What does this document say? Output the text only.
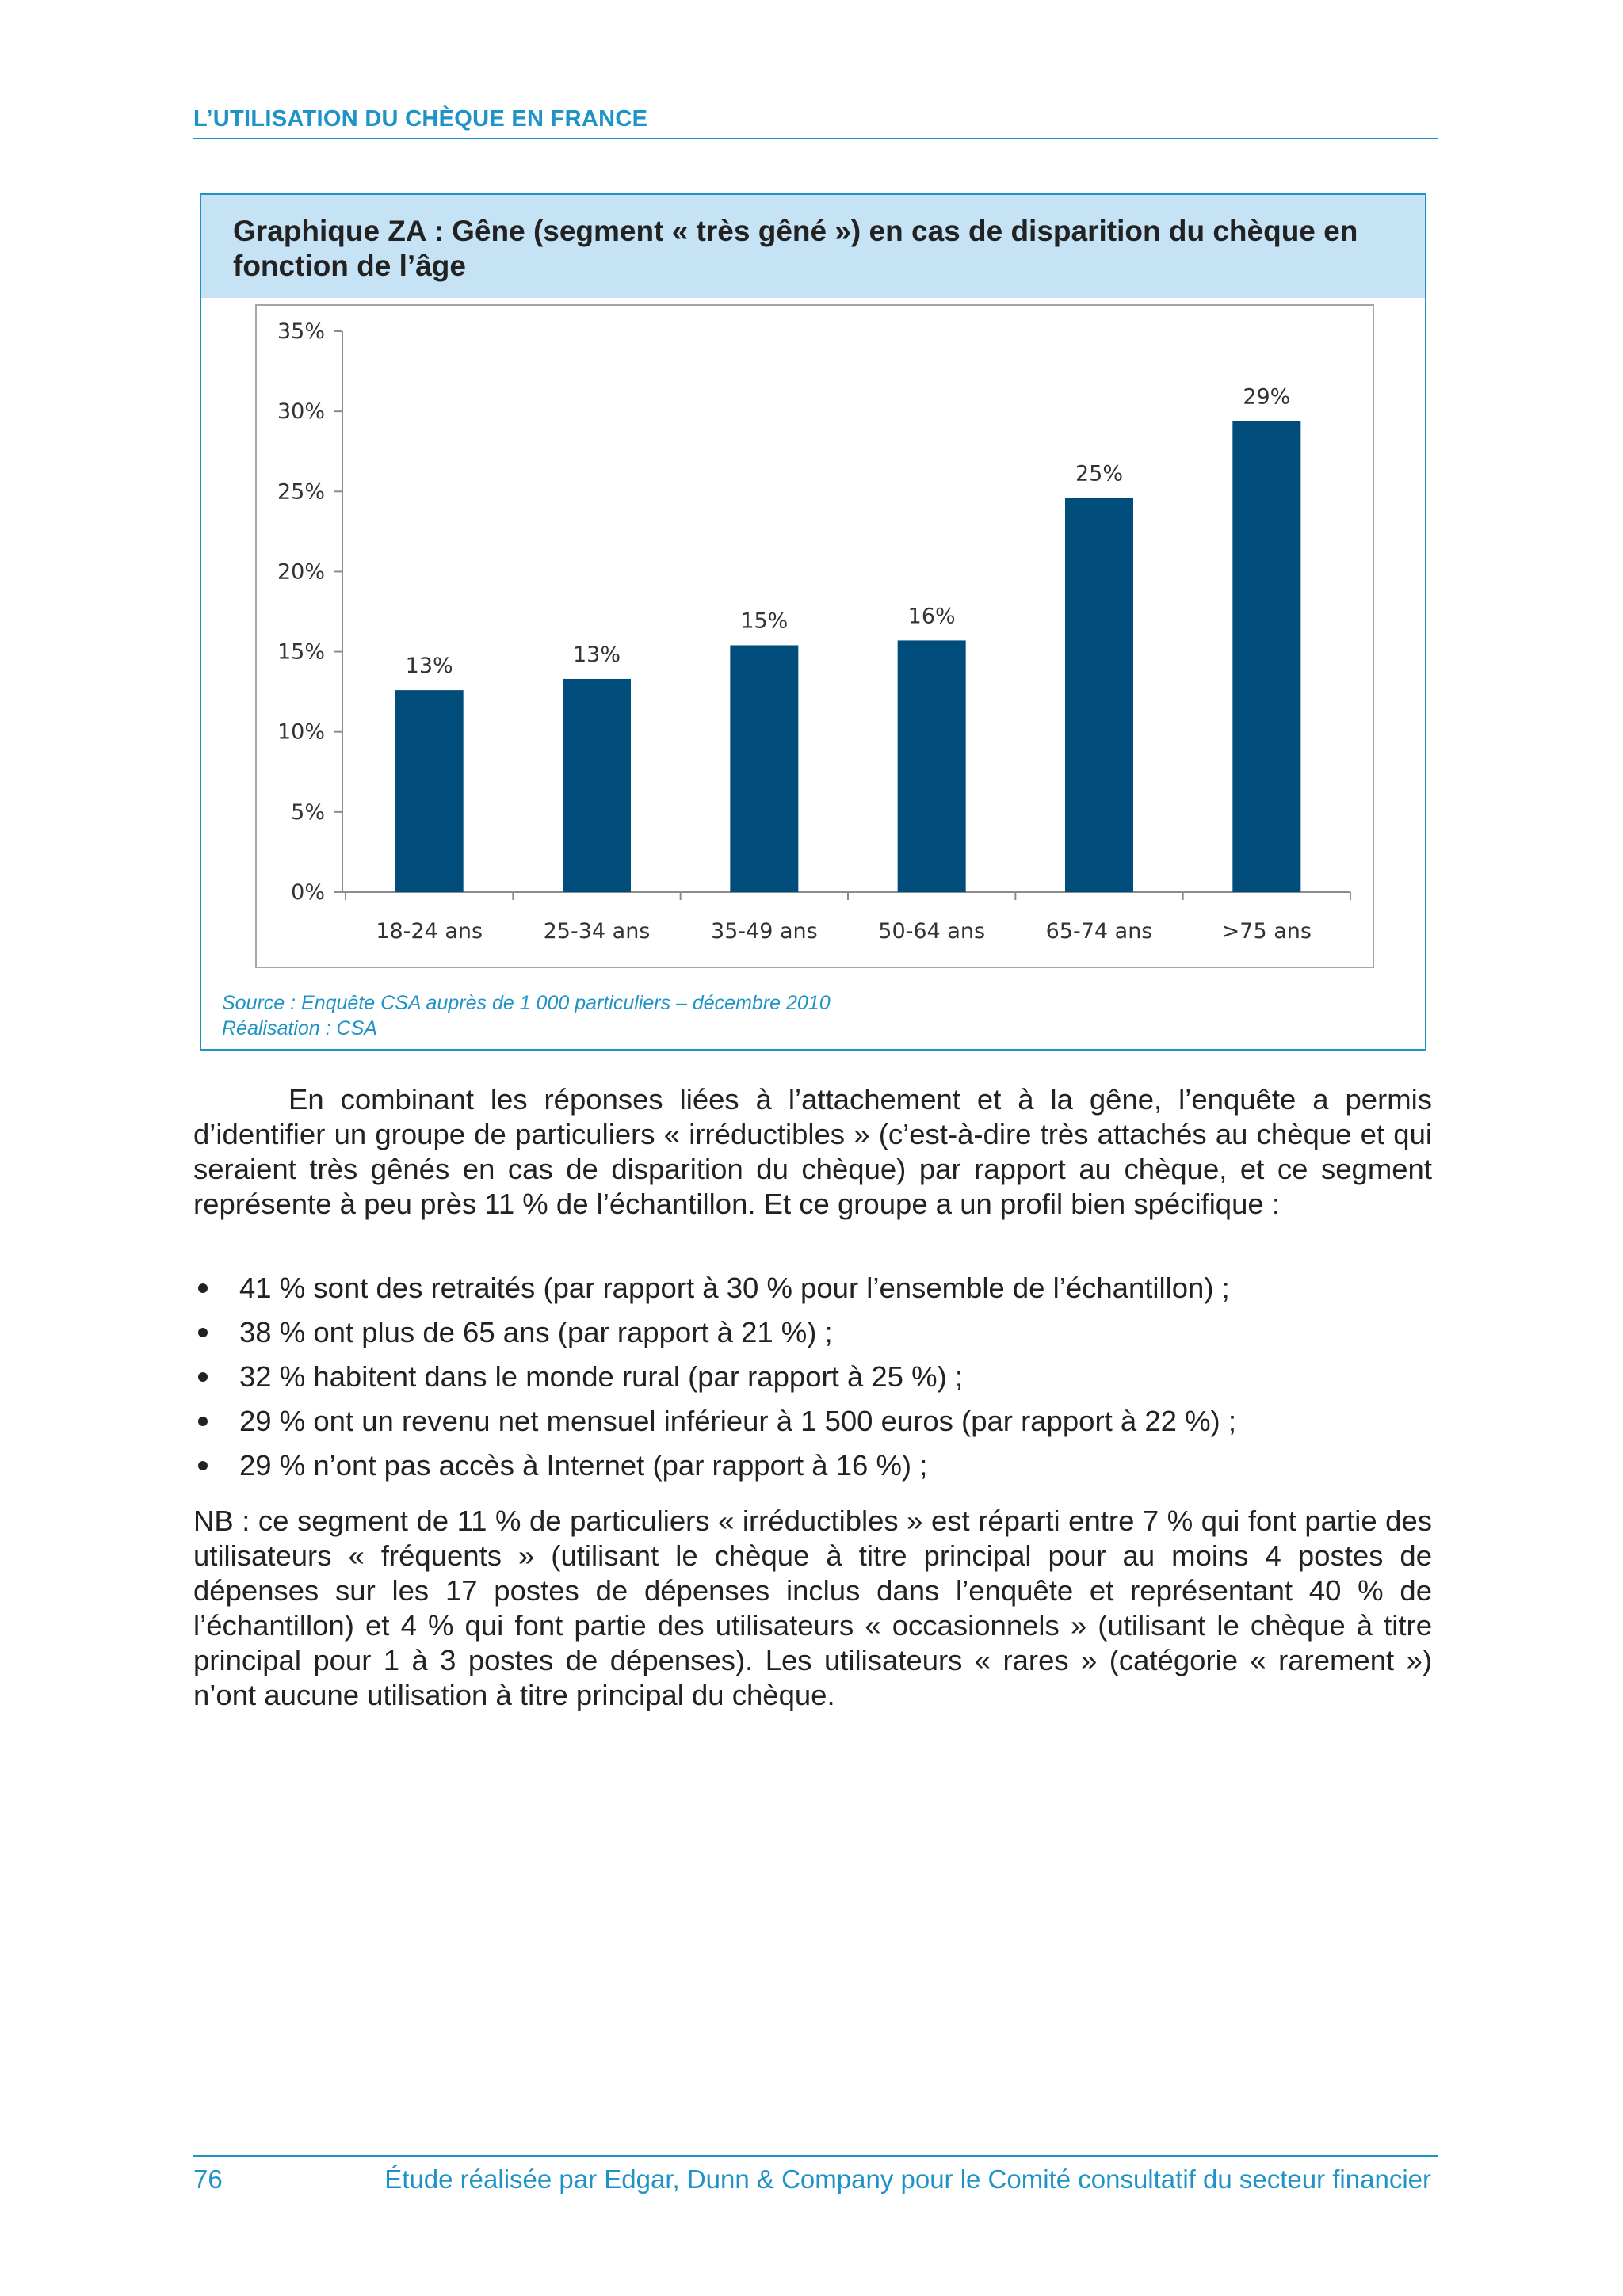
L’UTILISATION DU CHÈQUE EN FRANCE
Graphique ZA : Gêne (segment « très gêné ») en cas de disparition du chèque en fonction de l’âge
0%
5%
10%
15%
20%
25%
30%
35%
13%
18-24 ans
13%
25-34 ans
15%
35-49 ans
16%
50-64 ans
25%
65-74 ans
29%
>75 ans
Source : Enquête CSA auprès de 1 000 particuliers – décembre 2010
Réalisation : CSA

En combinant les réponses liées à l’attachement et à la gêne, l’enquête a permis d’identifier un groupe de particuliers « irréductibles » (c’est-à-dire très attachés au chèque et qui seraient très gênés en cas de disparition du chèque) par rapport au chèque, et ce segment représente à peu près 11 % de l’échantillon. Et ce groupe a un profil bien spécifique :

41 % sont des retraités (par rapport à 30 % pour l’ensemble de l’échantillon) ;
38 % ont plus de 65 ans (par rapport à 21 %) ;
32 % habitent dans le monde rural (par rapport à 25 %) ;
29 % ont un revenu net mensuel inférieur à 1 500 euros (par rapport à 22 %) ;
29 % n’ont pas accès à Internet (par rapport à 16 %) ;

NB : ce segment de 11 % de particuliers « irréductibles » est réparti entre 7 % qui font partie des utilisateurs « fréquents » (utilisant le chèque à titre principal pour au moins 4 postes de dépenses sur les 17 postes de dépenses inclus dans l’enquête et représentant 40 % de l’échantillon) et 4 % qui font partie des utilisateurs « occasionnels » (utilisant le chèque à titre principal pour 1 à 3 postes de dépenses). Les utilisateurs « rares » (catégorie « rarement ») n’ont aucune utilisation à titre principal du chèque.

76	Étude réalisée par Edgar, Dunn & Company pour le Comité consultatif du secteur financier
